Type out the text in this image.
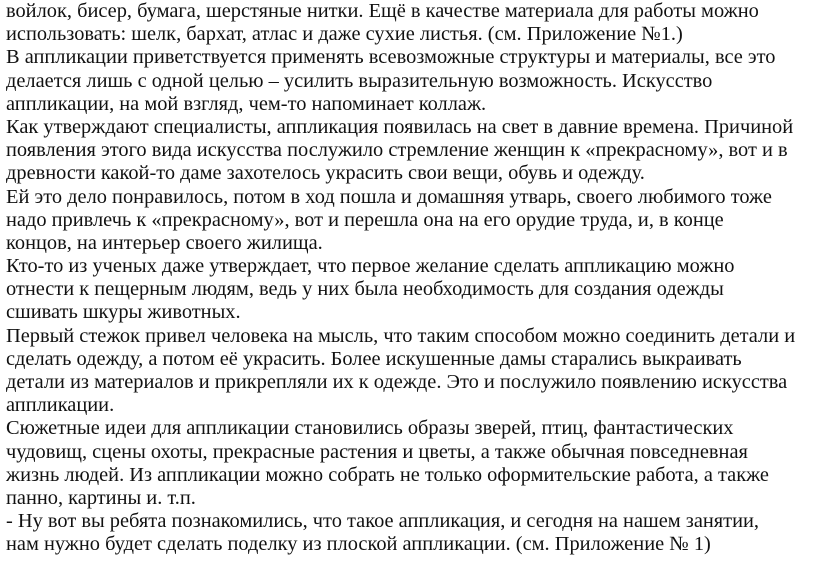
войлок, бисер, бумага, шерстяные нитки. Ещё в качестве материала для работы можно
использовать: шелк, бархат, атлас и даже сухие листья. (см. Приложение №1.)
В аппликации приветствуется применять всевозможные структуры и материалы, все это
делается лишь с одной целью – усилить выразительную возможность. Искусство
аппликации, на мой взгляд, чем-то напоминает коллаж.
Как утверждают специалисты, аппликация появилась на свет в давние времена. Причиной
появления этого вида искусства послужило стремление женщин к «прекрасному», вот и в
древности какой-то даме захотелось украсить свои вещи, обувь и одежду.
Ей это дело понравилось, потом в ход пошла и домашняя утварь, своего любимого тоже
надо привлечь к «прекрасному», вот и перешла она на его орудие труда, и, в конце
концов, на интерьер своего жилища.
Кто-то из ученых даже утверждает, что первое желание сделать аппликацию можно
отнести к пещерным людям, ведь у них была необходимость для создания одежды
сшивать шкуры животных.
Первый стежок привел человека на мысль, что таким способом можно соединить детали и
сделать одежду, а потом её украсить. Более искушенные дамы старались выкраивать
детали из материалов и прикрепляли их к одежде. Это и послужило появлению искусства
аппликации.
Сюжетные идеи для аппликации становились образы зверей, птиц, фантастических
чудовищ, сцены охоты, прекрасные растения и цветы, а также обычная повседневная
жизнь людей. Из аппликации можно собрать не только оформительские работа, а также
панно, картины и. т.п.
- Ну вот вы ребята познакомились, что такое аппликация, и сегодня на нашем занятии,
нам нужно будет сделать поделку из плоской аппликации. (см. Приложение № 1)
